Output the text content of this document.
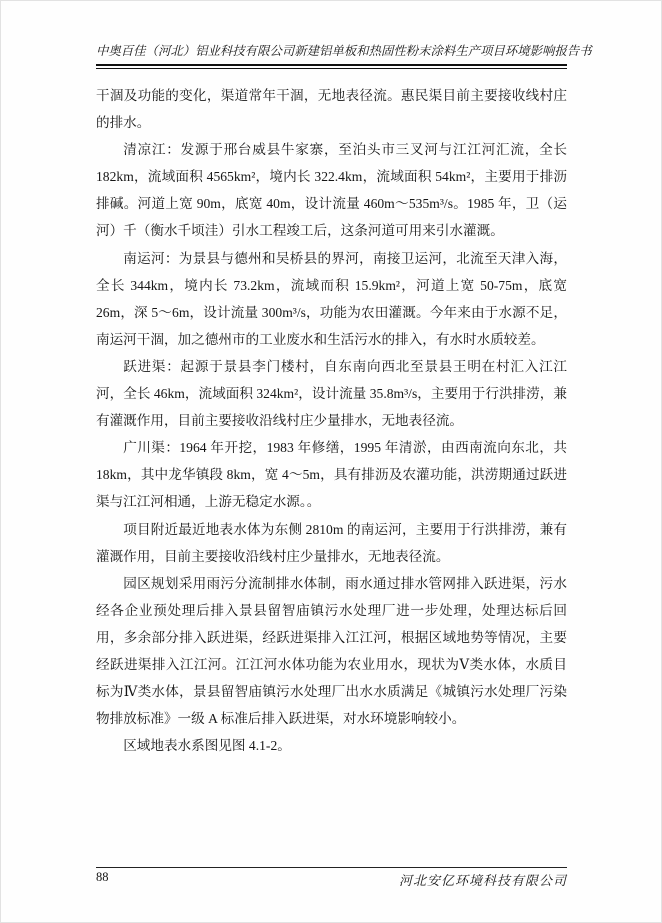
中奥百佳（河北）铝业科技有限公司新建铝单板和热固性粉末涂料生产项目环境影响报告书

干涸及功能的变化，渠道常年干涸，无地表径流。惠民渠目前主要接收线村庄的排水。

清凉江：发源于邢台威县牛家寨，至泊头市三叉河与江江河汇流，全长 182km，流域面积 4565km²，境内长 322.4km，流域面积 54km²，主要用于排沥排碱。河道上宽 90m，底宽 40m，设计流量 460m～535m³/s。1985 年，卫（运河）千（衡水千顷洼）引水工程竣工后，这条河道可用来引水灌溉。

南运河：为景县与德州和吴桥县的界河，南接卫运河，北流至天津入海，全长 344km，境内长 73.2km，流域而积 15.9km²，河道上宽 50-75m，底宽 26m，深 5～6m，设计流量 300m³/s，功能为农田灌溉。今年来由于水源不足，南运河干涸，加之德州市的工业废水和生活污水的排入，有水时水质较差。

跃进渠：起源于景县李门楼村，自东南向西北至景县王明在村汇入江江河，全长 46km，流域面积 324km²，设计流量 35.8m³/s，主要用于行洪排涝，兼有灌溉作用，目前主要接收沿线村庄少量排水，无地表径流。

广川渠：1964 年开挖，1983 年修缮，1995 年清淤，由西南流向东北，共 18km，其中龙华镇段 8km，宽 4～5m，具有排沥及农灌功能，洪涝期通过跃进渠与江江河相通，上游无稳定水源。。

项目附近最近地表水体为东侧 2810m 的南运河，主要用于行洪排涝，兼有灌溉作用，目前主要接收沿线村庄少量排水，无地表径流。

园区规划采用雨污分流制排水体制，雨水通过排水管网排入跃进渠，污水经各企业预处理后排入景县留智庙镇污水处理厂进一步处理，处理达标后回用，多余部分排入跃进渠，经跃进渠排入江江河，根据区域地势等情况，主要经跃进渠排入江江河。江江河水体功能为农业用水，现状为Ⅴ类水体，水质目标为Ⅳ类水体，景县留智庙镇污水处理厂出水水质满足《城镇污水处理厂污染物排放标准》一级 A 标准后排入跃进渠，对水环境影响较小。

区域地表水系图见图 4.1-2。

88	河北安亿环境科技有限公司
